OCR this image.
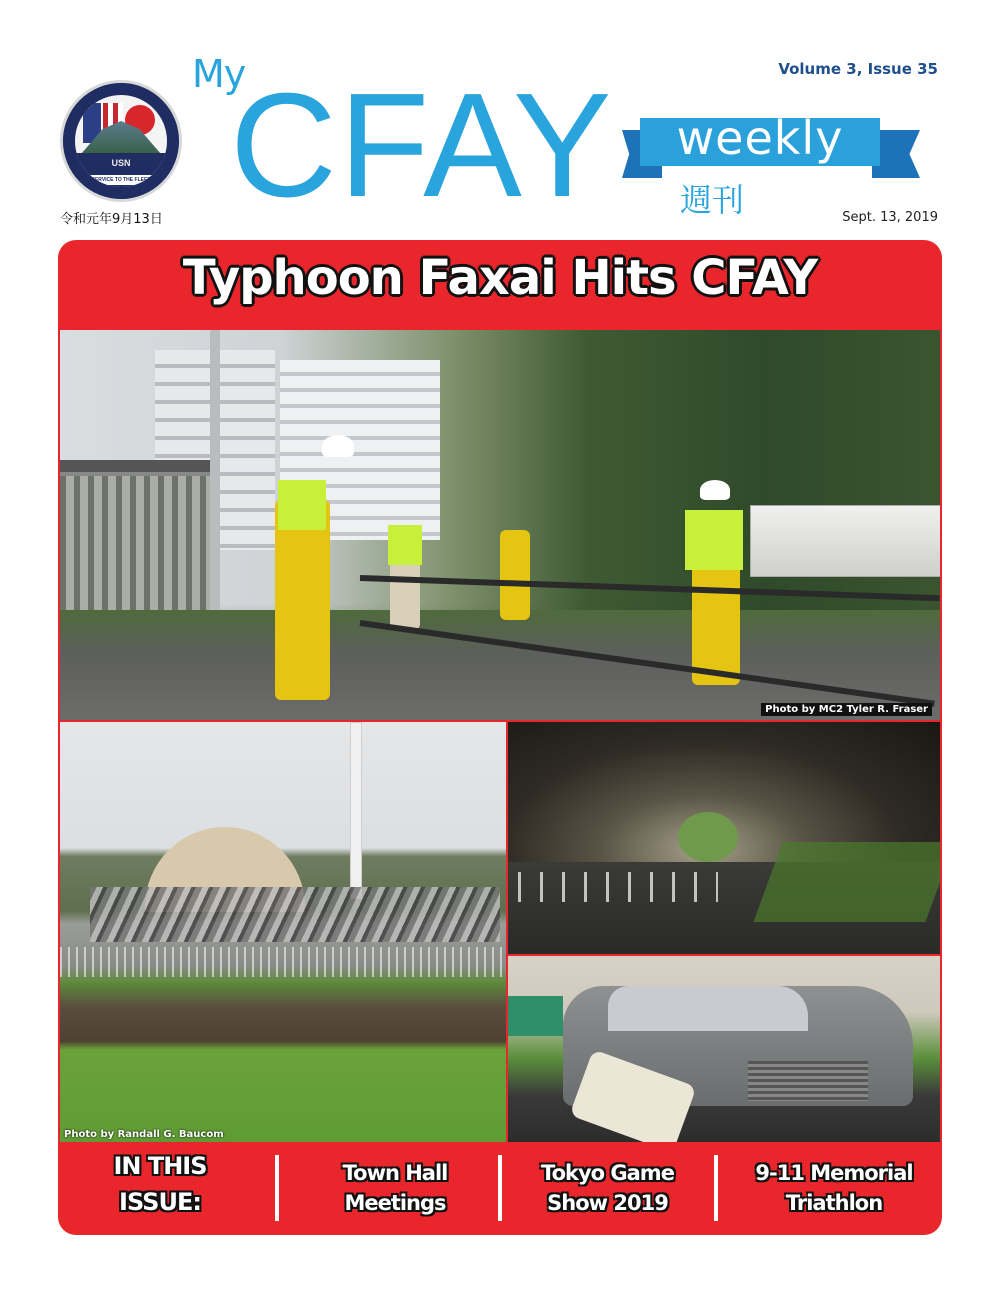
USN
SERVICE TO THE FLEET
令和元年9月13日
My
CFAY	Volume 3, Issue 35
weekly
週刊	Sept. 13, 2019
Typhoon Faxai Hits CFAY
Photo by MC2 Tyler R. Fraser
Photo by Randall G. Baucom
IN THIS
ISSUE:
Town Hall
Meetings
Tokyo Game
Show 2019
9-11 Memorial
Triathlon
